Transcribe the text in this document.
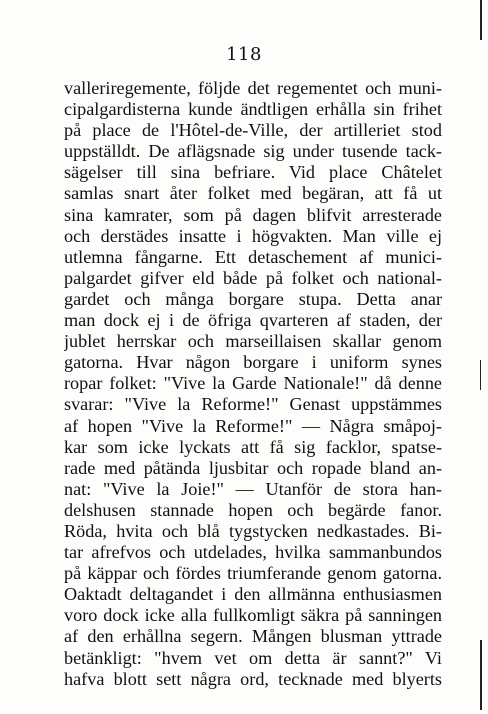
118
valleriregemente, följde det regementet och muni-
cipalgardisterna kunde ändtligen erhålla sin frihet
på place de l'Hôtel-de-Ville, der artilleriet stod
uppställdt. De aflägsnade sig under tusende tack-
sägelser till sina befriare. Vid place Châtelet
samlas snart åter folket med begäran, att få ut
sina kamrater, som på dagen blifvit arresterade
och derstädes insatte i högvakten. Man ville ej
utlemna fångarne. Ett detaschement af munici-
palgardet gifver eld både på folket och national-
gardet och många borgare stupa. Detta anar
man dock ej i de öfriga qvarteren af staden, der
jublet herrskar och marseillaisen skallar genom
gatorna. Hvar någon borgare i uniform synes
ropar folket: "Vive la Garde Nationale!" då denne
svarar: "Vive la Reforme!" Genast uppstämmes
af hopen "Vive la Reforme!" — Några småpoj-
kar som icke lyckats att få sig facklor, spatse-
rade med påtända ljusbitar och ropade bland an-
nat: "Vive la Joie!" — Utanför de stora han-
delshusen stannade hopen och begärde fanor.
Röda, hvita och blå tygstycken nedkastades. Bi-
tar afrefvos och utdelades, hvilka sammanbundos
på käppar och fördes triumferande genom gatorna.
Oaktadt deltagandet i den allmänna enthusiasmen
voro dock icke alla fullkomligt säkra på sanningen
af den erhållna segern. Mången blusman yttrade
betänkligt: "hvem vet om detta är sannt?" Vi
hafva blott sett några ord, tecknade med blyerts
